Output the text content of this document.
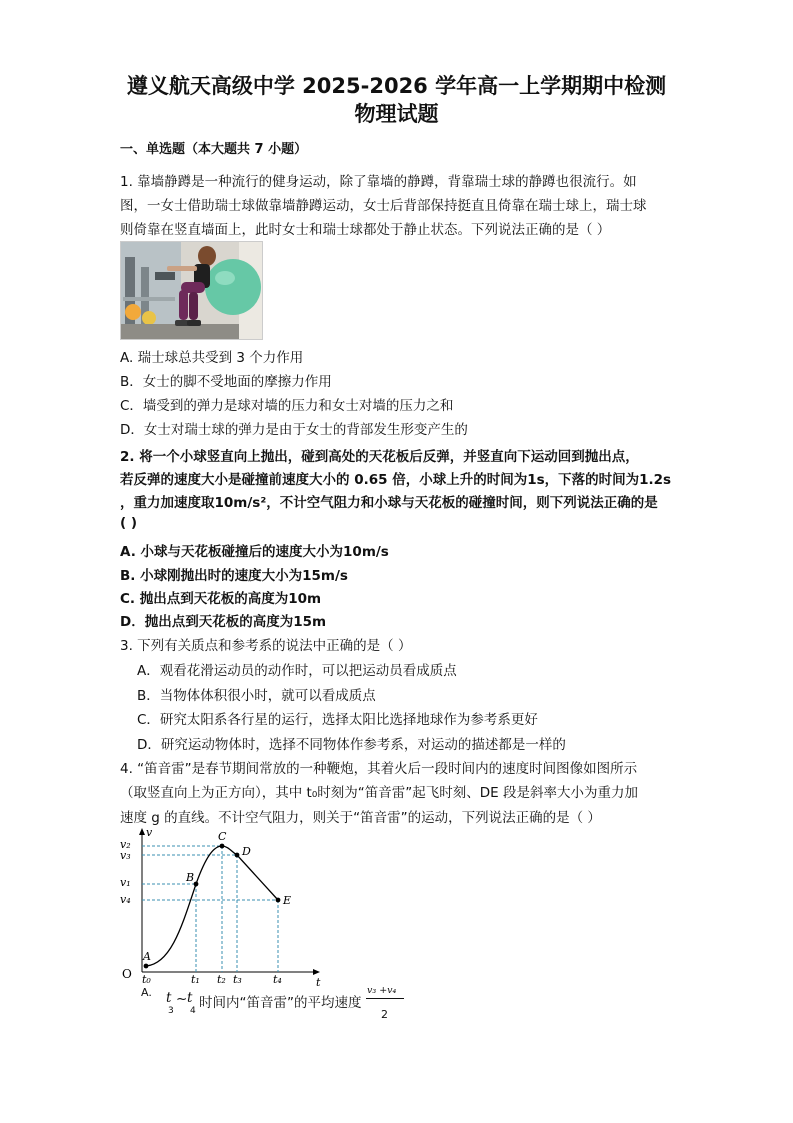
遵义航天高级中学 2025-2026 学年高一上学期期中检测
物理试题
一、单选题（本大题共 7 小题）
1. 靠墙静蹲是一种流行的健身运动，除了靠墙的静蹲，背靠瑞士球的静蹲也很流行。如
图，一女士借助瑞士球做靠墙静蹲运动，女士后背部保持挺直且倚靠在瑞士球上，瑞士球
则倚靠在竖直墙面上，此时女士和瑞士球都处于静止状态。下列说法正确的是（ ）
A. 瑞士球总共受到 3 个力作用
B．女士的脚不受地面的摩擦力作用
C．墙受到的弹力是球对墙的压力和女士对墙的压力之和
D．女士对瑞士球的弹力是由于女士的背部发生形变产生的
2. 将一个小球竖直向上抛出，碰到高处的天花板后反弹，并竖直向下运动回到抛出点，
若反弹的速度大小是碰撞前速度大小的 0.65 倍，小球上升的时间为1s，下落的时间为1.2s
，重力加速度取10m/s²，不计空气阻力和小球与天花板的碰撞时间，则下列说法正确的是
( )
A. 小球与天花板碰撞后的速度大小为10m/s
B. 小球刚抛出时的速度大小为15m/s
C. 抛出点到天花板的高度为10m
D．抛出点到天花板的高度为15m
3. 下列有关质点和参考系的说法中正确的是（ ）
A．观看花滑运动员的动作时，可以把运动员看成质点
B．当物体体积很小时，就可以看成质点
C．研究太阳系各行星的运行，选择太阳比选择地球作为参考系更好
D．研究运动物体时，选择不同物体作参考系，对运动的描述都是一样的
4. “笛音雷”是春节期间常放的一种鞭炮，其着火后一段时间内的速度时间图像如图所示
（取竖直向上为正方向），其中 t₀时刻为“笛音雷”起飞时刻、DE 段是斜率大小为重力加
速度 g 的直线。不计空气阻力，则关于“笛音雷”的运动，下列说法正确的是（ ）
v
t
O
A
B
C
D
E
v₂
v₃
v₁
v₄
t₀	t₁ t₂ t₃	t₄
A. t ~ t
3 4 时间内“笛音雷”的平均速度
v₃ +v₄
2
